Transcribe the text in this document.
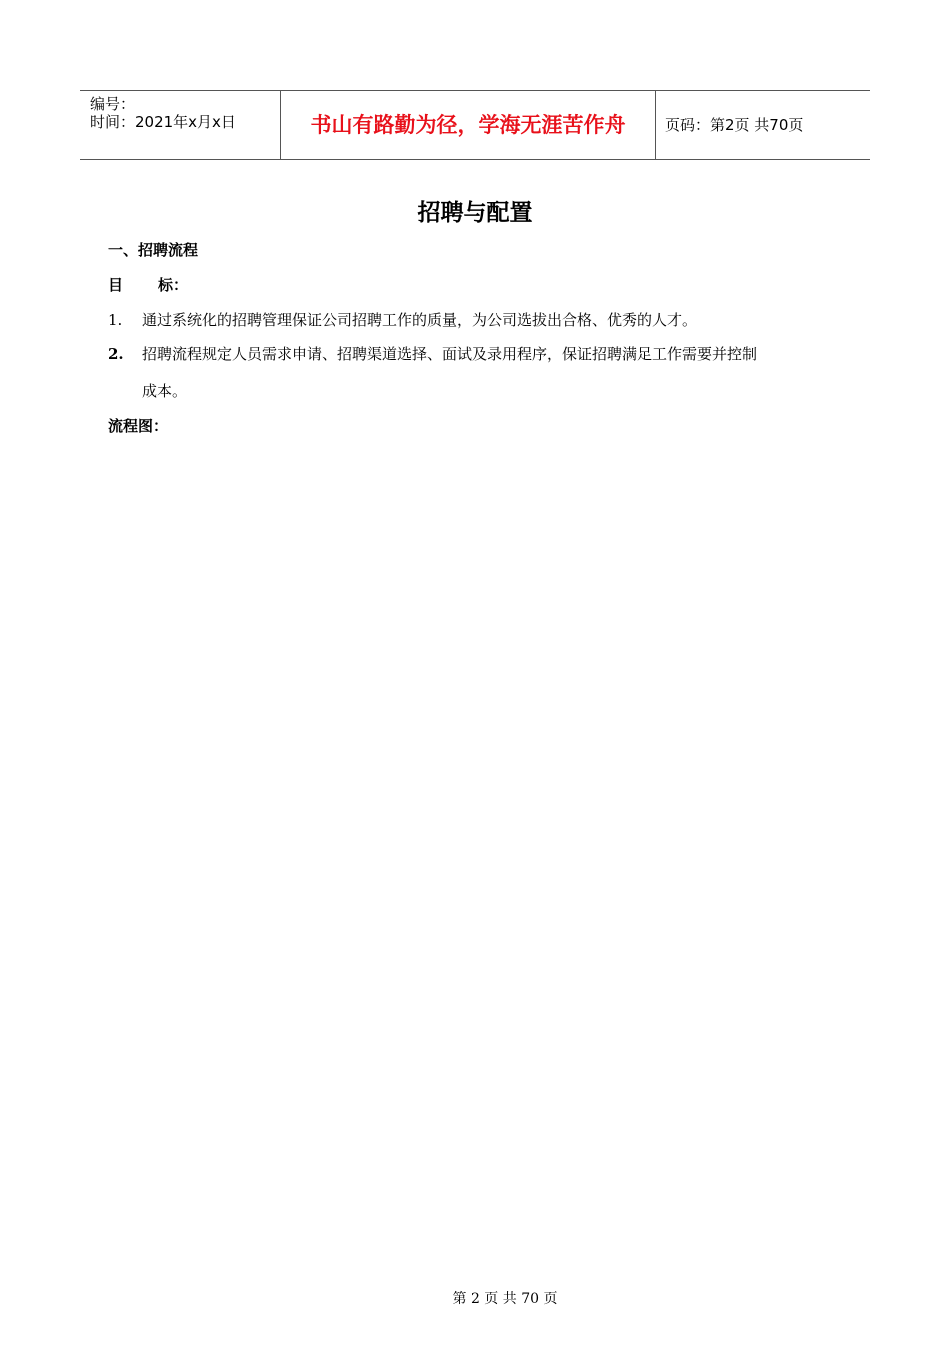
编号：
时间：2021年x月x日	书山有路勤为径，学海无涯苦作舟	页码：第2页 共70页
招聘与配置
一、招聘流程
目 标：
1. 通过系统化的招聘管理保证公司招聘工作的质量，为公司选拔出合格、优秀的人才。
2. 招聘流程规定人员需求申请、招聘渠道选择、面试及录用程序，保证招聘满足工作需要并控制
成本。
流程图：
第 2 页 共 70 页
